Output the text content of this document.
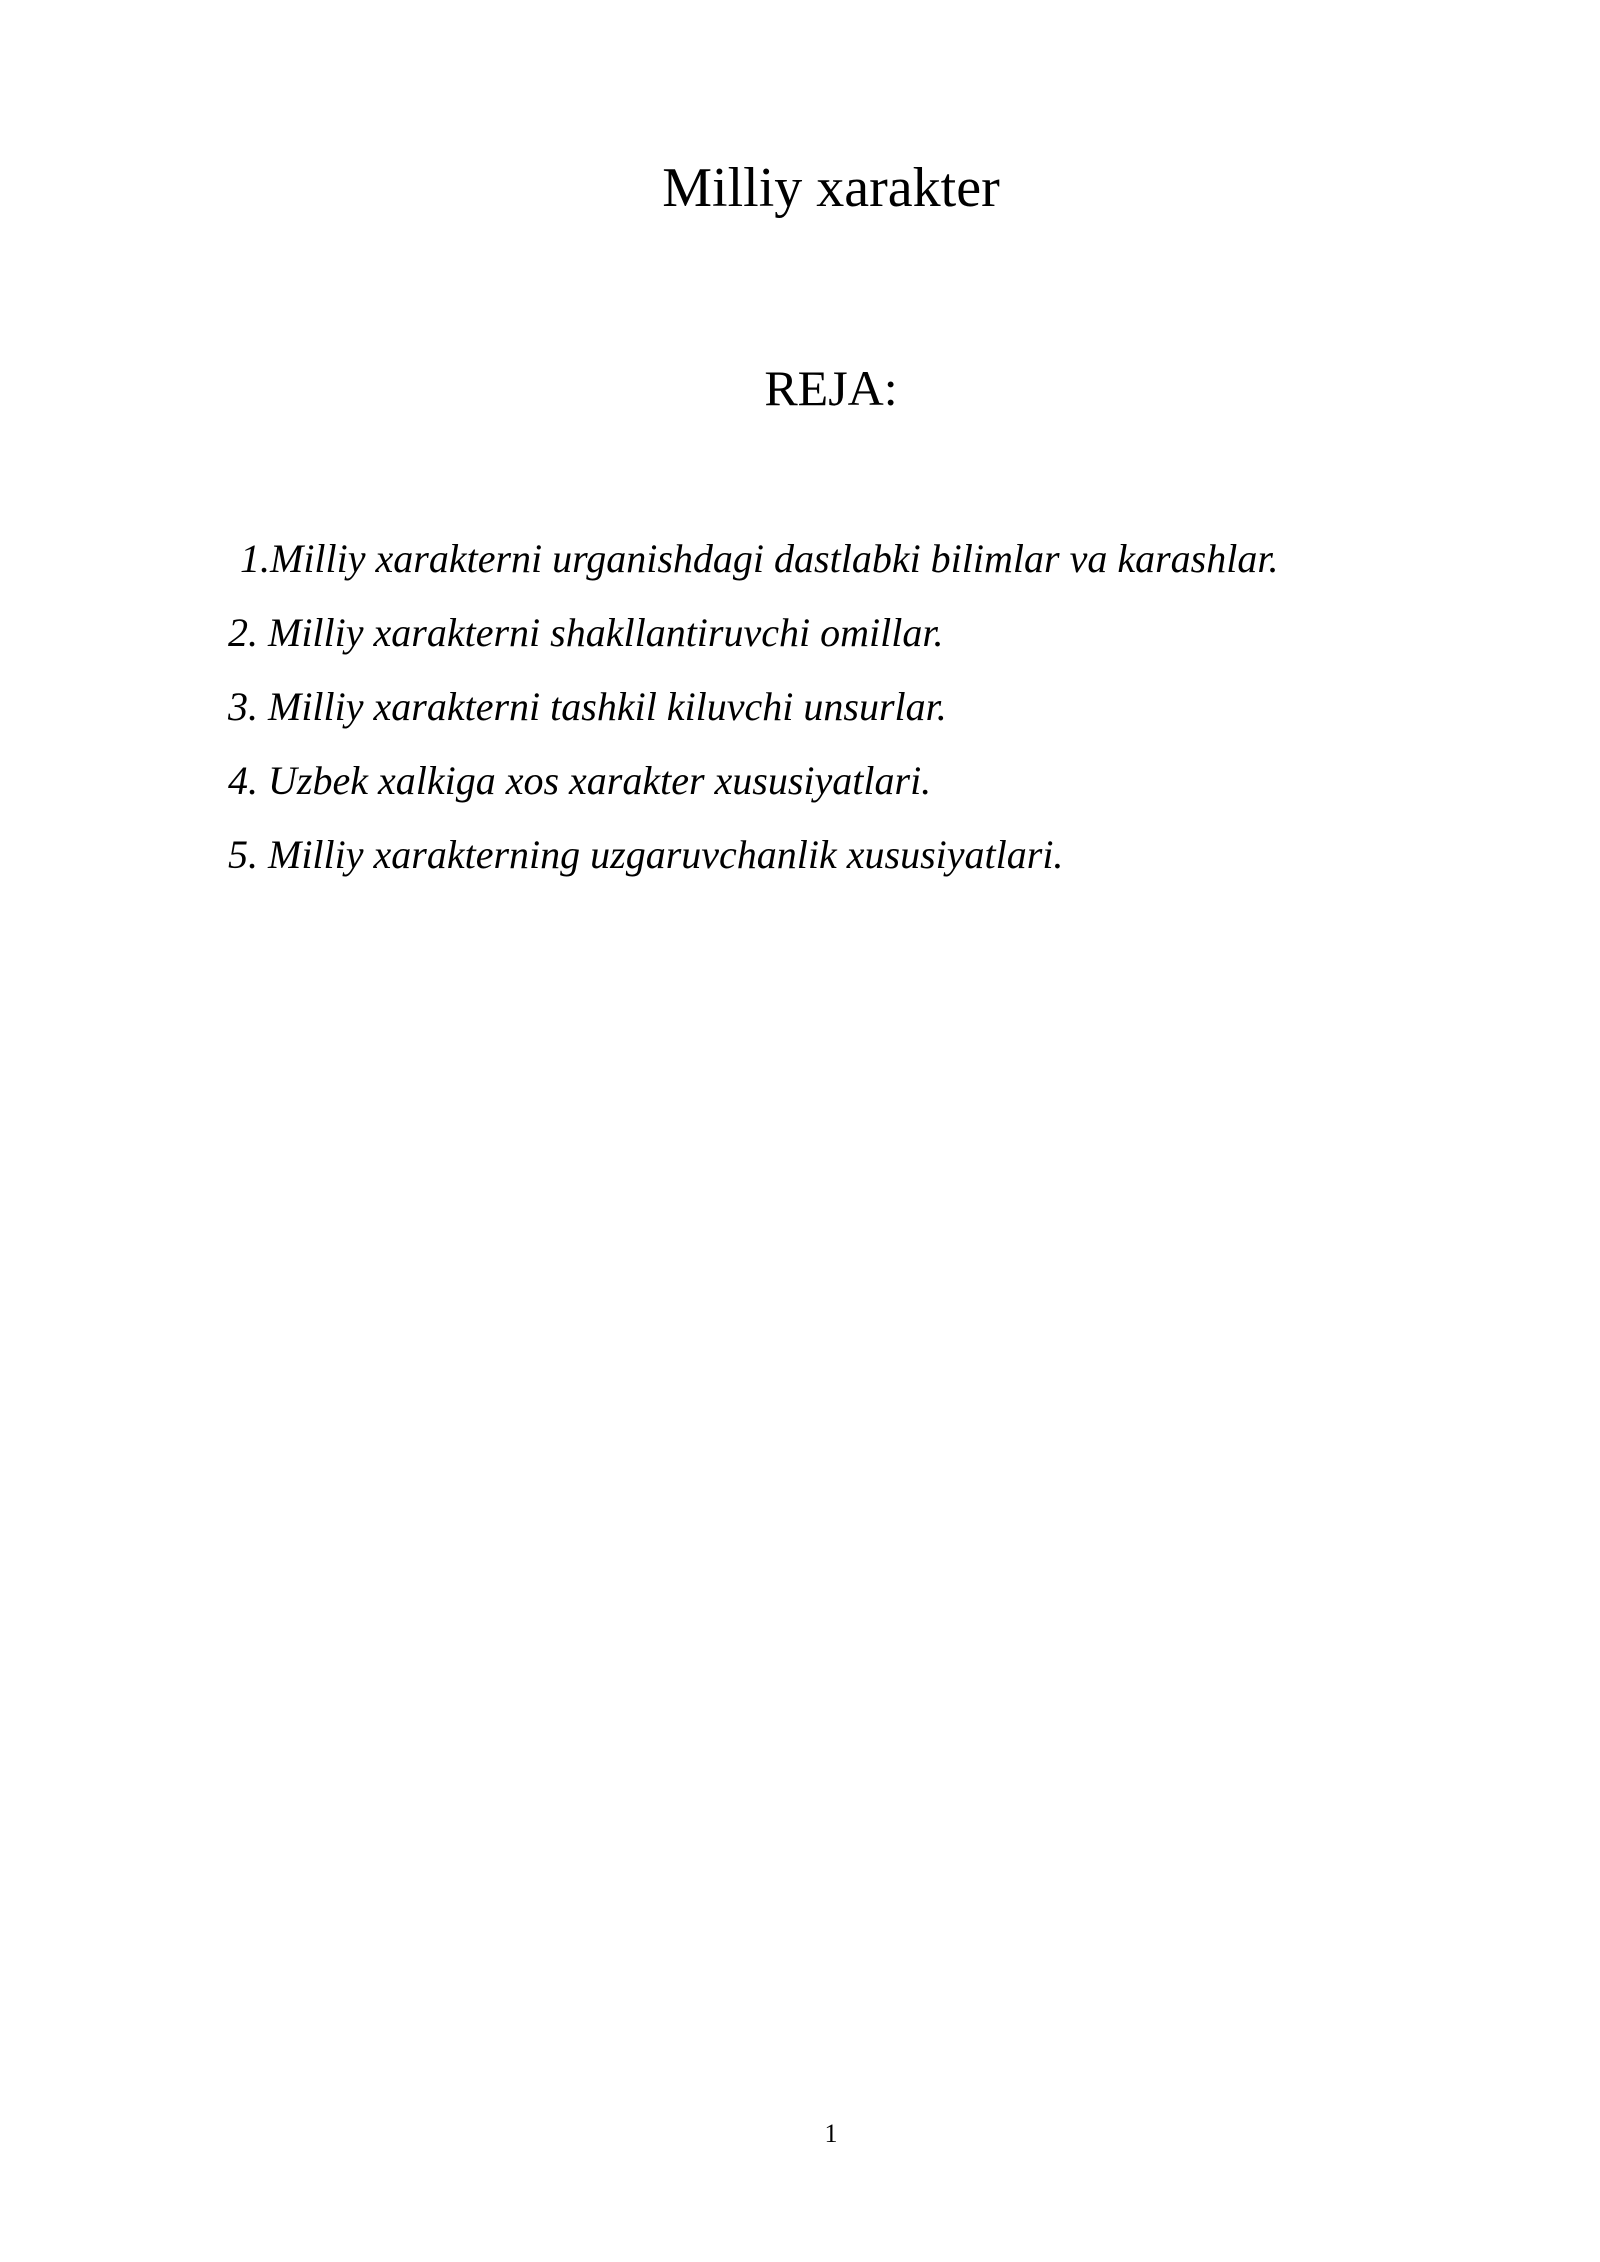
Milliy xarakter
REJA:
1.Milliy xarakterni urganishdagi dastlabki bilimlar va karashlar.
2. Milliy xarakterni shakllantiruvchi omillar.
3. Milliy xarakterni tashkil kiluvchi unsurlar.
4. Uzbek xalkiga xos xarakter xususiyatlari.
5. Milliy xarakterning uzgaruvchanlik xususiyatlari.
1
